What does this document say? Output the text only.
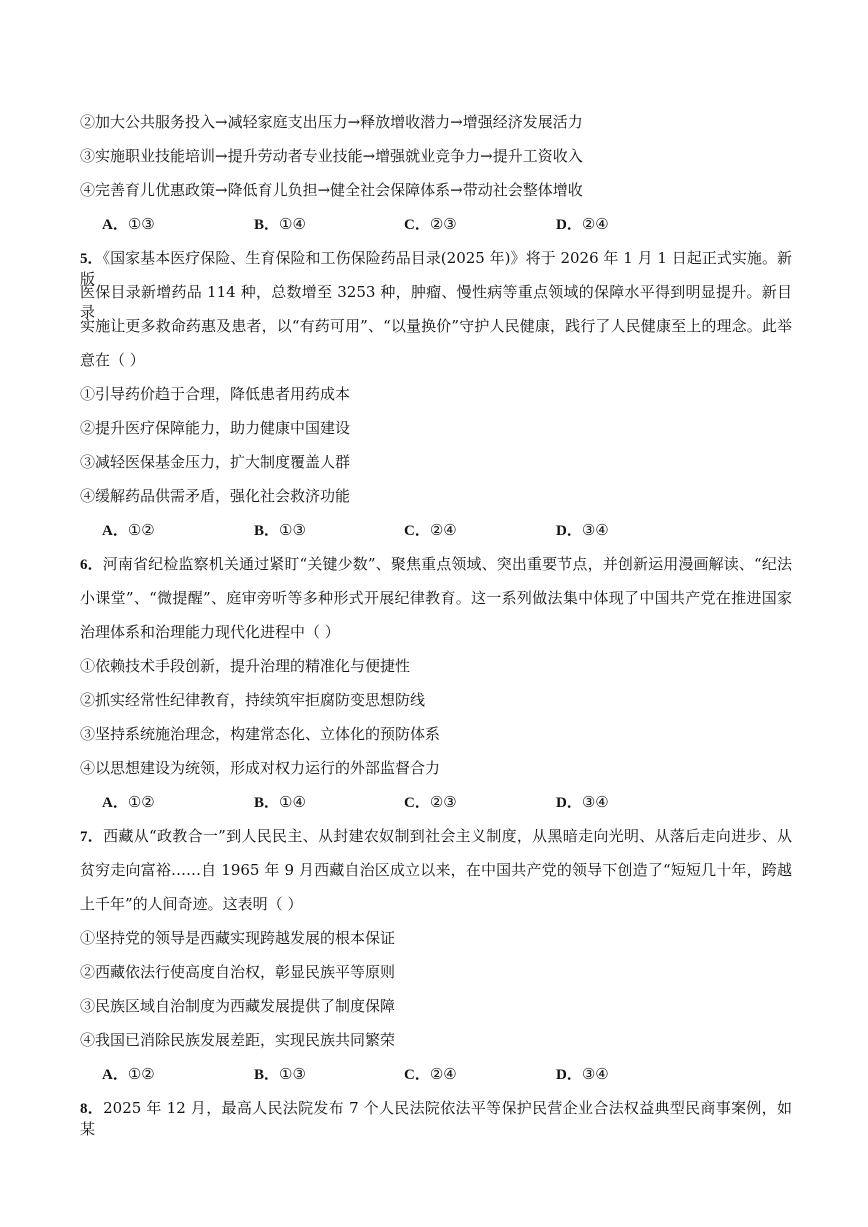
②加大公共服务投入→减轻家庭支出压力→释放增收潜力→增强经济发展活力
③实施职业技能培训→提升劳动者专业技能→增强就业竞争力→提升工资收入
④完善育儿优惠政策→降低育儿负担→健全社会保障体系→带动社会整体增收
A．①③	B．①④	C．②③	D．②④
5．《国家基本医疗保险、生育保险和工伤保险药品目录(2025 年)》将于 2026 年 1 月 1 日起正式实施。新版
医保目录新增药品 114 种，总数增至 3253 种，肿瘤、慢性病等重点领域的保障水平得到明显提升。新目录
实施让更多救命药惠及患者，以“有药可用”、“以量换价”守护人民健康，践行了人民健康至上的理念。此举
意在（ ）
①引导药价趋于合理，降低患者用药成本
②提升医疗保障能力，助力健康中国建设
③减轻医保基金压力，扩大制度覆盖人群
④缓解药品供需矛盾，强化社会救济功能
A．①②	B．①③	C．②④	D．③④
6．河南省纪检监察机关通过紧盯“关键少数”、聚焦重点领域、突出重要节点，并创新运用漫画解读、“纪法
小课堂”、“微提醒”、庭审旁听等多种形式开展纪律教育。这一系列做法集中体现了中国共产党在推进国家
治理体系和治理能力现代化进程中（ ）
①依赖技术手段创新，提升治理的精准化与便捷性
②抓实经常性纪律教育，持续筑牢拒腐防变思想防线
③坚持系统施治理念，构建常态化、立体化的预防体系
④以思想建设为统领，形成对权力运行的外部监督合力
A．①②	B．①④	C．②③	D．③④
7．西藏从“政教合一”到人民民主、从封建农奴制到社会主义制度，从黑暗走向光明、从落后走向进步、从
贫穷走向富裕……自 1965 年 9 月西藏自治区成立以来，在中国共产党的领导下创造了“短短几十年，跨越
上千年”的人间奇迹。这表明（ ）
①坚持党的领导是西藏实现跨越发展的根本保证
②西藏依法行使高度自治权，彰显民族平等原则
③民族区域自治制度为西藏发展提供了制度保障
④我国已消除民族发展差距，实现民族共同繁荣
A．①②	B．①③	C．②④	D．③④
8．2025 年 12 月，最高人民法院发布 7 个人民法院依法平等保护民营企业合法权益典型民商事案例，如某
